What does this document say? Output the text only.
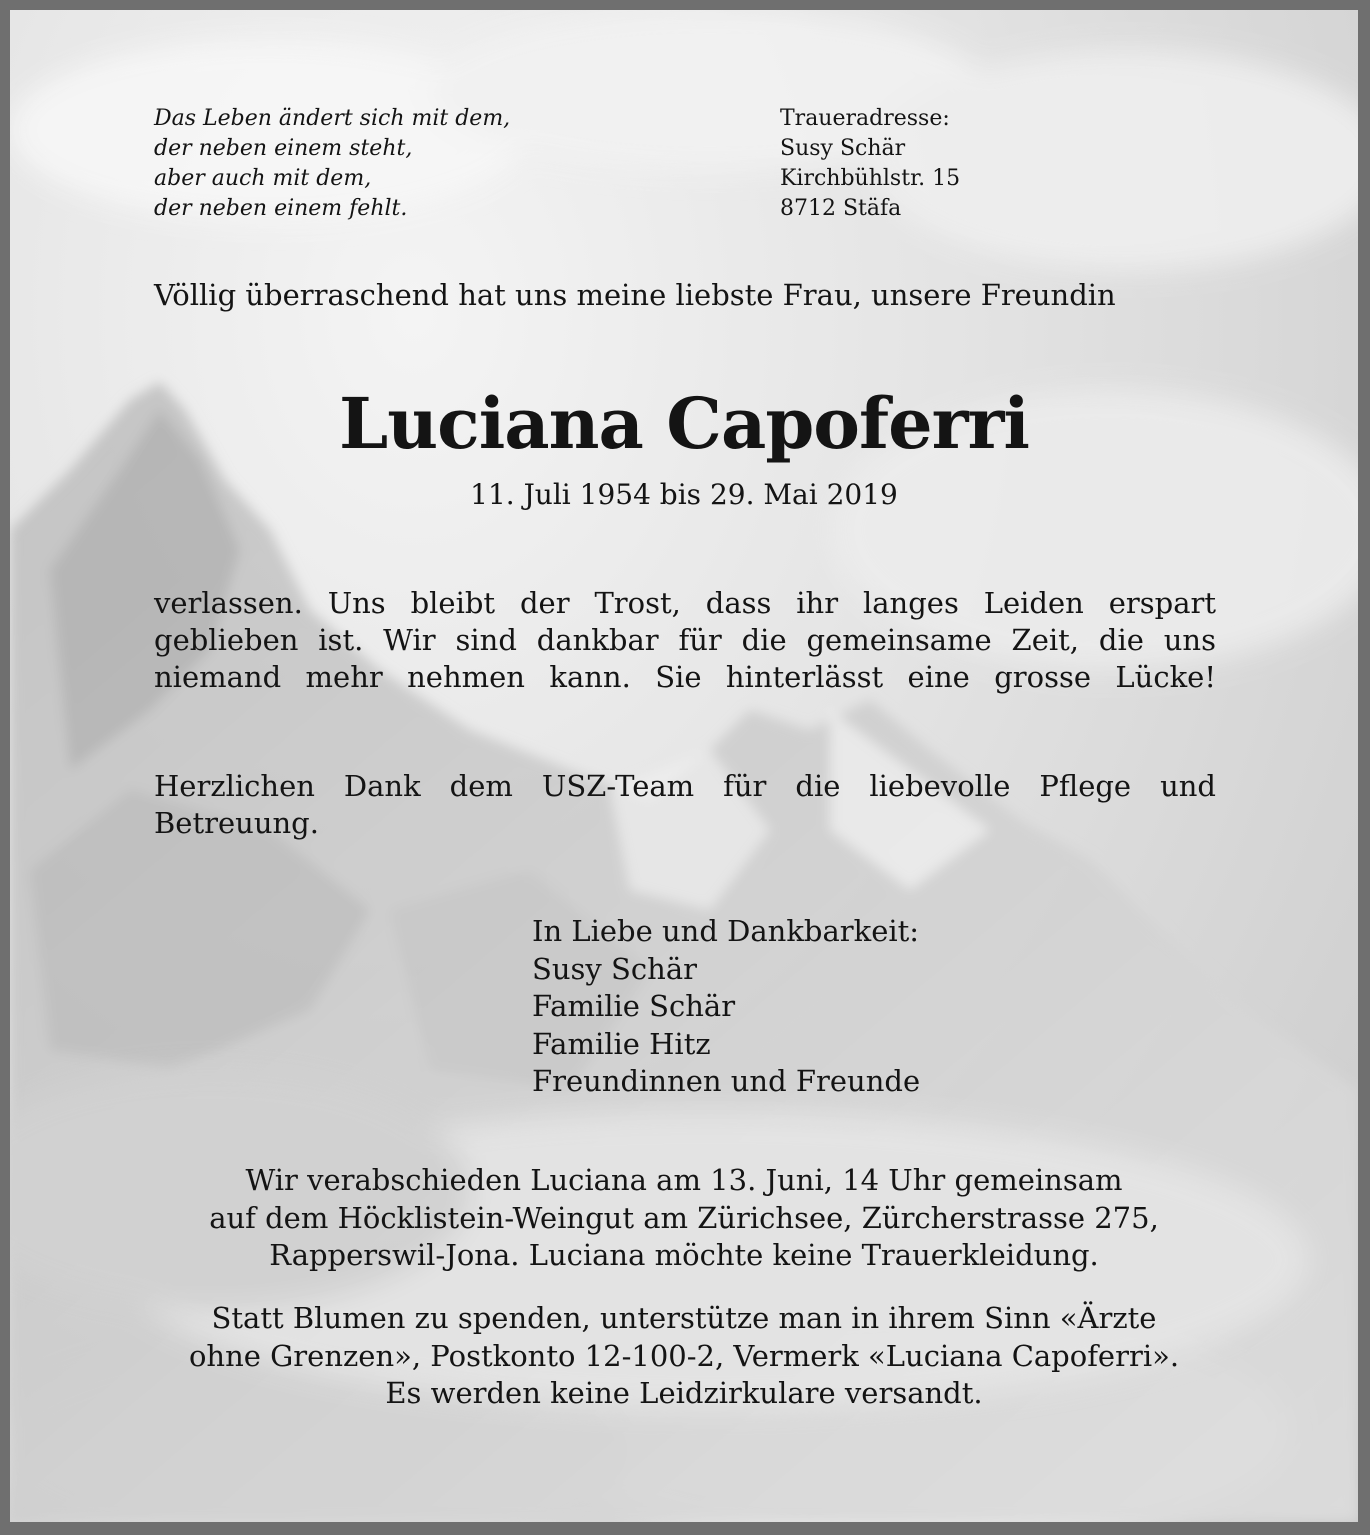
Das Leben ändert sich mit dem,
der neben einem steht,
aber auch mit dem,
der neben einem fehlt.
Traueradresse:
Susy Schär
Kirchbühlstr. 15
8712 Stäfa
Völlig überraschend hat uns meine liebste Frau, unsere Freundin
Luciana Capoferri
11. Juli 1954 bis 29. Mai 2019
verlassen. Uns bleibt der Trost, dass ihr langes Leiden erspart
geblieben ist. Wir sind dankbar für die gemeinsame Zeit, die uns
niemand mehr nehmen kann. Sie hinterlässt eine grosse Lücke!
Herzlichen Dank dem USZ-Team für die liebevolle Pflege und
Betreuung.
In Liebe und Dankbarkeit:
Susy Schär
Familie Schär
Familie Hitz
Freundinnen und Freunde
Wir verabschieden Luciana am 13. Juni, 14 Uhr gemeinsam
auf dem Höcklistein-Weingut am Zürichsee, Zürcherstrasse 275,
Rapperswil-Jona. Luciana möchte keine Trauerkleidung.
Statt Blumen zu spenden, unterstütze man in ihrem Sinn «Ärzte
ohne Grenzen», Postkonto 12-100-2, Vermerk «Luciana Capoferri».
Es werden keine Leidzirkulare versandt.
